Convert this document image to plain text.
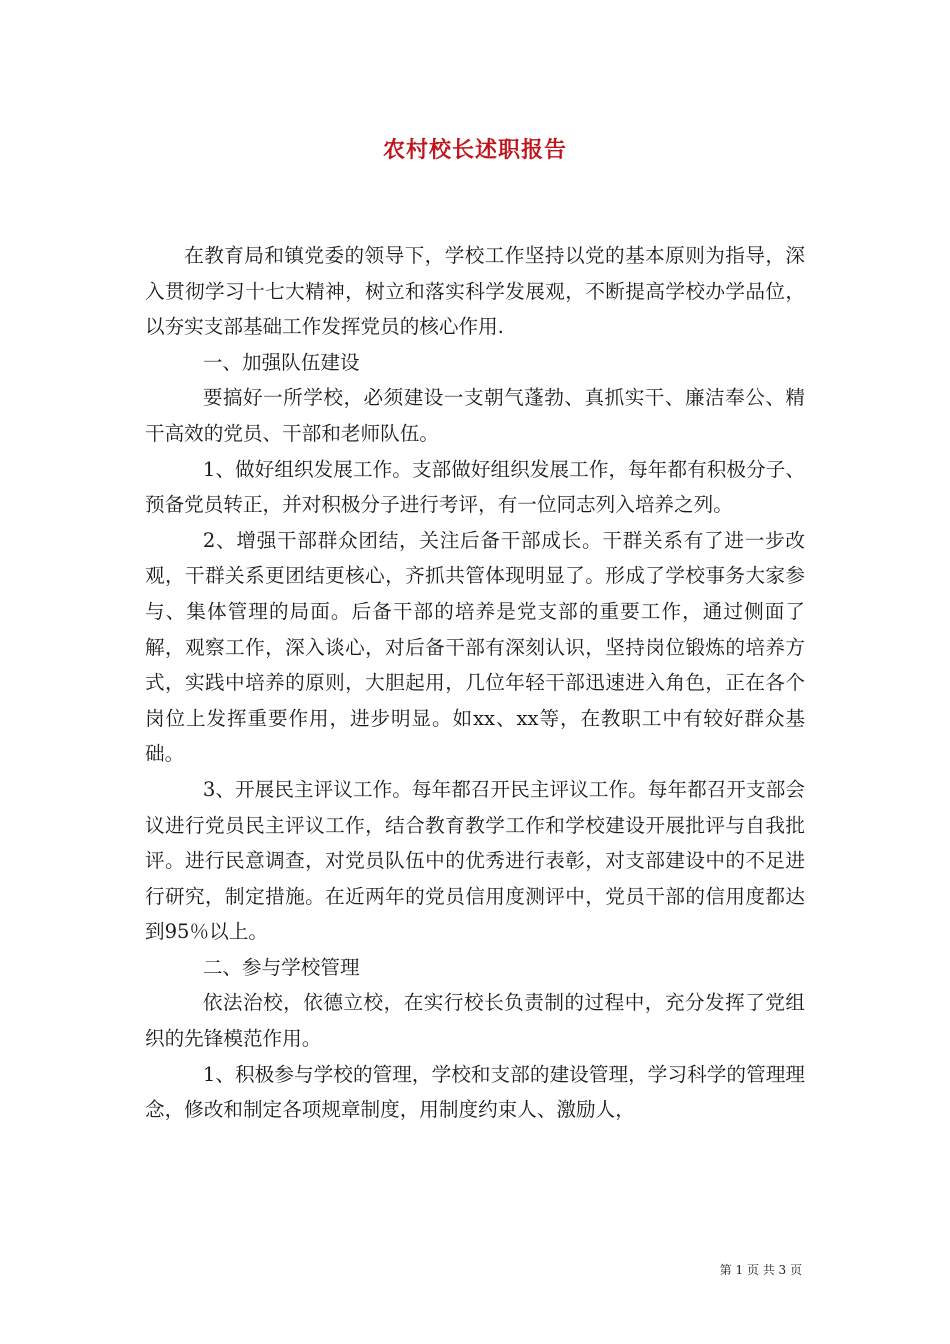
农村校长述职报告

在教育局和镇党委的领导下，学校工作坚持以党的基本原则为指导，深入贯彻学习十七大精神，树立和落实科学发展观，不断提高学校办学品位，以夯实支部基础工作发挥党员的核心作用.

一、加强队伍建设

要搞好一所学校，必须建设一支朝气蓬勃、真抓实干、廉洁奉公、精干高效的党员、干部和老师队伍。

1、做好组织发展工作。支部做好组织发展工作，每年都有积极分子、预备党员转正，并对积极分子进行考评，有一位同志列入培养之列。

2、增强干部群众团结，关注后备干部成长。干群关系有了进一步改观，干群关系更团结更核心，齐抓共管体现明显了。形成了学校事务大家参与、集体管理的局面。后备干部的培养是党支部的重要工作，通过侧面了解，观察工作，深入谈心，对后备干部有深刻认识，坚持岗位锻炼的培养方式，实践中培养的原则，大胆起用，几位年轻干部迅速进入角色，正在各个岗位上发挥重要作用，进步明显。如xx、xx等，在教职工中有较好群众基础。

3、开展民主评议工作。每年都召开民主评议工作。每年都召开支部会议进行党员民主评议工作，结合教育教学工作和学校建设开展批评与自我批评。进行民意调查，对党员队伍中的优秀进行表彰，对支部建设中的不足进行研究，制定措施。在近两年的党员信用度测评中，党员干部的信用度都达到95％以上。

二、参与学校管理

依法治校，依德立校，在实行校长负责制的过程中，充分发挥了党组织的先锋模范作用。

1、积极参与学校的管理，学校和支部的建设管理，学习科学的管理理念，修改和制定各项规章制度，用制度约束人、激励人，

第 1 页 共 3 页
